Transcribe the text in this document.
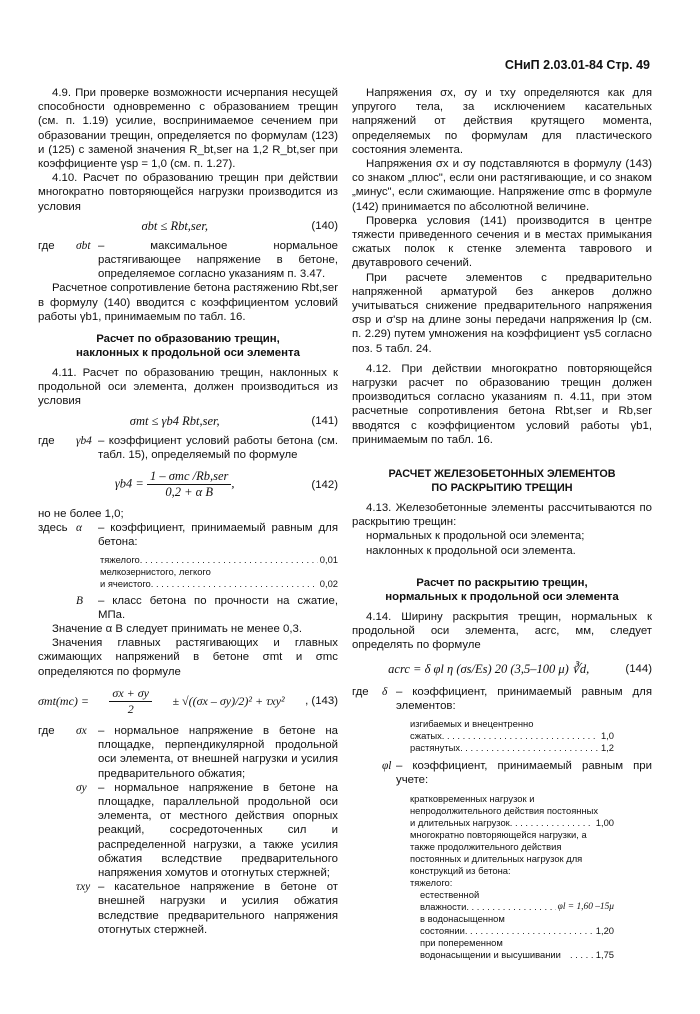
СНиП 2.03.01-84 Стр. 49

4.9. При проверке возможности исчерпания несущей способности одновременно с образованием трещин (см. п. 1.19) усилие, воспринимаемое сечением при образовании трещин, определяется по формулам (123) и (125) с заменой значения R_bt,ser на 1,2 R_bt,ser при коэффициенте γsp = 1,0 (см. п. 1.27).

4.10. Расчет по образованию трещин при действии многократно повторяющейся нагрузки производится из условия

σbt ≤ Rbt,ser,	(140)
где	σbt – максимальное нормальное растягивающее напряжение в бетоне, определяемое согласно указаниям п. 3.47.

Расчетное сопротивление бетона растяжению Rbt,ser в формулу (140) вводится с коэффициентом условий работы γb1, принимаемым по табл. 16.

Расчет по образованию трещин,
наклонных к продольной оси элемента

4.11. Расчет по образованию трещин, наклонных к продольной оси элемента, должен производиться из условия

σmt ≤ γb4 Rbt,ser,	(141)
где	γb4 – коэффициент условий работы бетона (см. табл. 15), определяемый по формуле
$\gamma b4 = \frac{\text{1 – σmc /Rb,ser}}{\text{0,2 + α B}}$ ,	(142)

но не более 1,0;

здесь α	– коэффициент, принимаемый равным для бетона:
тяжелого . . .	0,01
мелкозернистого, легкого
и ячеистого . . .	0,02
B	– класс бетона по прочности на сжатие, МПа.

Значение α B следует принимать не менее 0,3.

Значения главных растягивающих и главных сжимающих напряжений в бетоне σmt и σmc определяются по формуле

$\sigma mt(mc) = \frac{\sigma x + \sigma y}{2} \pm √((\sigma x - \sigma y)/2)^2 + \tau xy^2$ , (143)
где	σx – нормальное напряжение в бетоне на площадке, перпендикулярной продольной оси элемента, от внешней нагрузки и усилия предварительного обжатия;
σy – нормальное напряжение в бетоне на площадке, параллельной продольной оси элемента, от местного действия опорных реакций, сосредоточенных сил и распределенной нагрузки, а также усилия обжатия вследствие предварительного напряжения хомутов и отогнутых стержней;
τxy – касательное напряжение в бетоне от внешней нагрузки и усилия обжатия вследствие предварительного напряжения отогнутых стержней.

Напряжения σx, σy и τxy определяются как для упругого тела, за исключением касательных напряжений от действия крутящего момента, определяемых по формулам для пластического состояния элемента.

Напряжения σx и σy подставляются в формулу (143) со знаком „плюс", если они растягивающие, и со знаком „минус", если сжимающие. Напряжение σmc в формуле (142) принимается по абсолютной величине.

Проверка условия (141) производится в центре тяжести приведенного сечения и в местах примыкания сжатых полок к стенке элемента таврового и двутаврового сечений.

При расчете элементов с предварительно напряженной арматурой без анкеров должно учитываться снижение предварительного напряжения σsp и σ'sp на длине зоны передачи напряжения lp (см. п. 2.29) путем умножения на коэффициент γs5 согласно поз. 5 табл. 24.

4.12. При действии многократно повторяющейся нагрузки расчет по образованию трещин должен производиться согласно указаниям п. 4.11, при этом расчетные сопротивления бетона Rbt,ser и Rb,ser вводятся с коэффициентом условий работы γb1, принимаемым по табл. 16.

РАСЧЕТ ЖЕЛЕЗОБЕТОННЫХ ЭЛЕМЕНТОВ
ПО РАСКРЫТИЮ ТРЕЩИН

4.13. Железобетонные элементы рассчитываются по раскрытию трещин:

нормальных к продольной оси элемента;

наклонных к продольной оси элемента.

Расчет по раскрытию трещин,
нормальных к продольной оси элемента

4.14. Ширину раскрытия трещин, нормальных к продольной оси элемента, acrc, мм, следует определять по формуле

acrc = δ φl η (σs/Es) 20 (3,5–100 μ) ∛d,	(144)
где	δ – коэффициент, принимаемый равным для элементов:
изгибаемых и внецентренно
сжатых . . .	1,0
растянутых . . .	1,2
φl – коэффициент, принимаемый равным при учете:
кратковременных нагрузок и непродолжительного действия постоянных
и длительных нагрузок . . .	1,00
многократно повторяющейся нагрузки, а также продолжительного действия постоянных и длительных нагрузок для конструкций из бетона:
тяжелого:
естественной
влажности . . .	φl = 1,60 –15μ
в водонасыщенном
состоянии . . .	1,20
при попеременном водонасыщении и высушивании . . .	1,75
